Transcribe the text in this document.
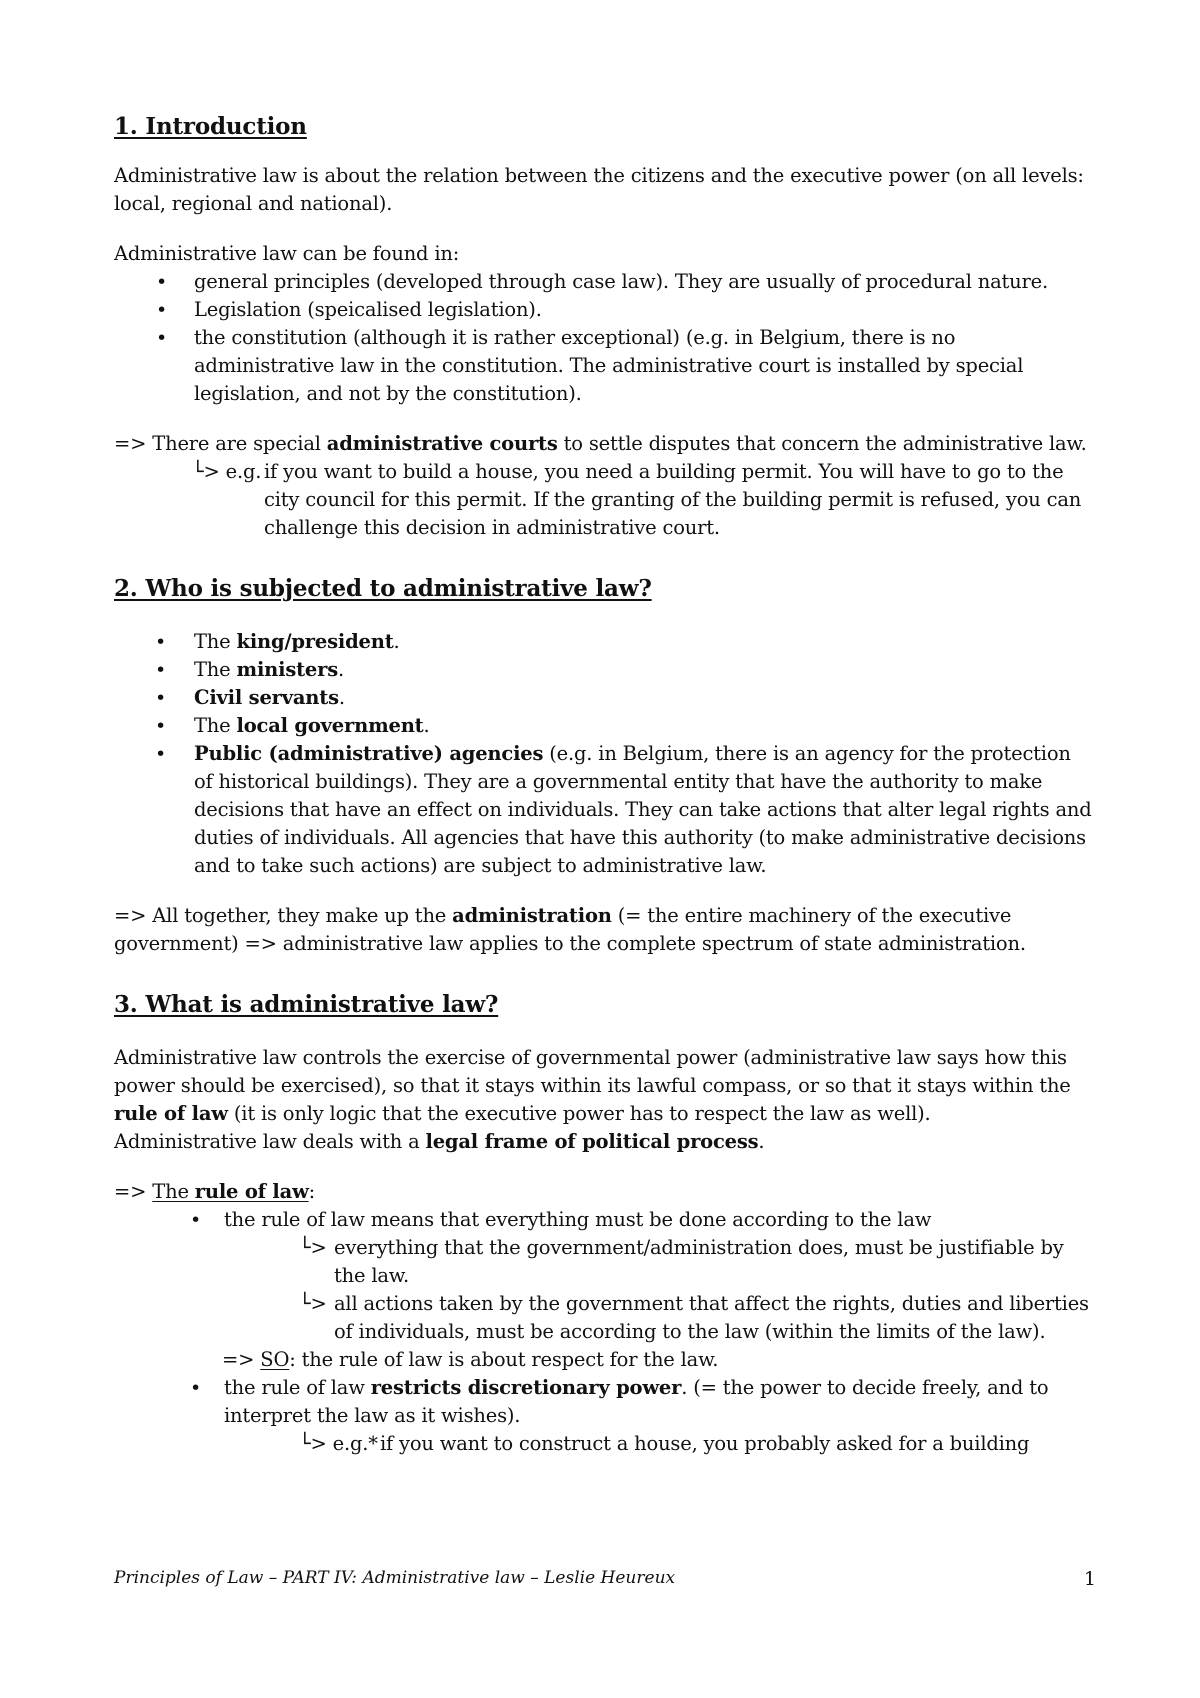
1. Introduction

Administrative law is about the relation between the citizens and the executive power (on all levels: local, regional and national).

Administrative law can be found in:

• general principles (developed through case law). They are usually of procedural nature.
• Legislation (speicalised legislation).
• the constitution (although it is rather exceptional) (e.g. in Belgium, there is no administrative law in the constitution. The administrative court is installed by special legislation, and not by the constitution).

=> There are special administrative courts to settle disputes that concern the administrative law.

└> e.g. if you want to build a house, you need a building permit. You will have to go to the city council for this permit. If the granting of the building permit is refused, you can challenge this decision in administrative court.
2. Who is subjected to administrative law?
• The king/president.
• The ministers.
• Civil servants.
• The local government.
• Public (administrative) agencies (e.g. in Belgium, there is an agency for the protection of historical buildings). They are a governmental entity that have the authority to make decisions that have an effect on individuals. They can take actions that alter legal rights and duties of individuals. All agencies that have this authority (to make administrative decisions and to take such actions) are subject to administrative law.

=> All together, they make up the administration (= the entire machinery of the executive government) => administrative law applies to the complete spectrum of state administration.

3. What is administrative law?

Administrative law controls the exercise of governmental power (administrative law says how this power should be exercised), so that it stays within its lawful compass, or so that it stays within the rule of law (it is only logic that the executive power has to respect the law as well).

Administrative law deals with a legal frame of political process.

=> The rule of law:

• the rule of law means that everything must be done according to the law
└> everything that the government/administration does, must be justifiable by the law.
└> all actions taken by the government that affect the rights, duties and liberties of individuals, must be according to the law (within the limits of the law).

=> SO: the rule of law is about respect for the law.

• the rule of law restricts discretionary power. (= the power to decide freely, and to interpret the law as it wishes).
└> e.g.* if you want to construct a house, you probably asked for a building
Principles of Law – PART IV: Administrative law – Leslie Heureux	1
